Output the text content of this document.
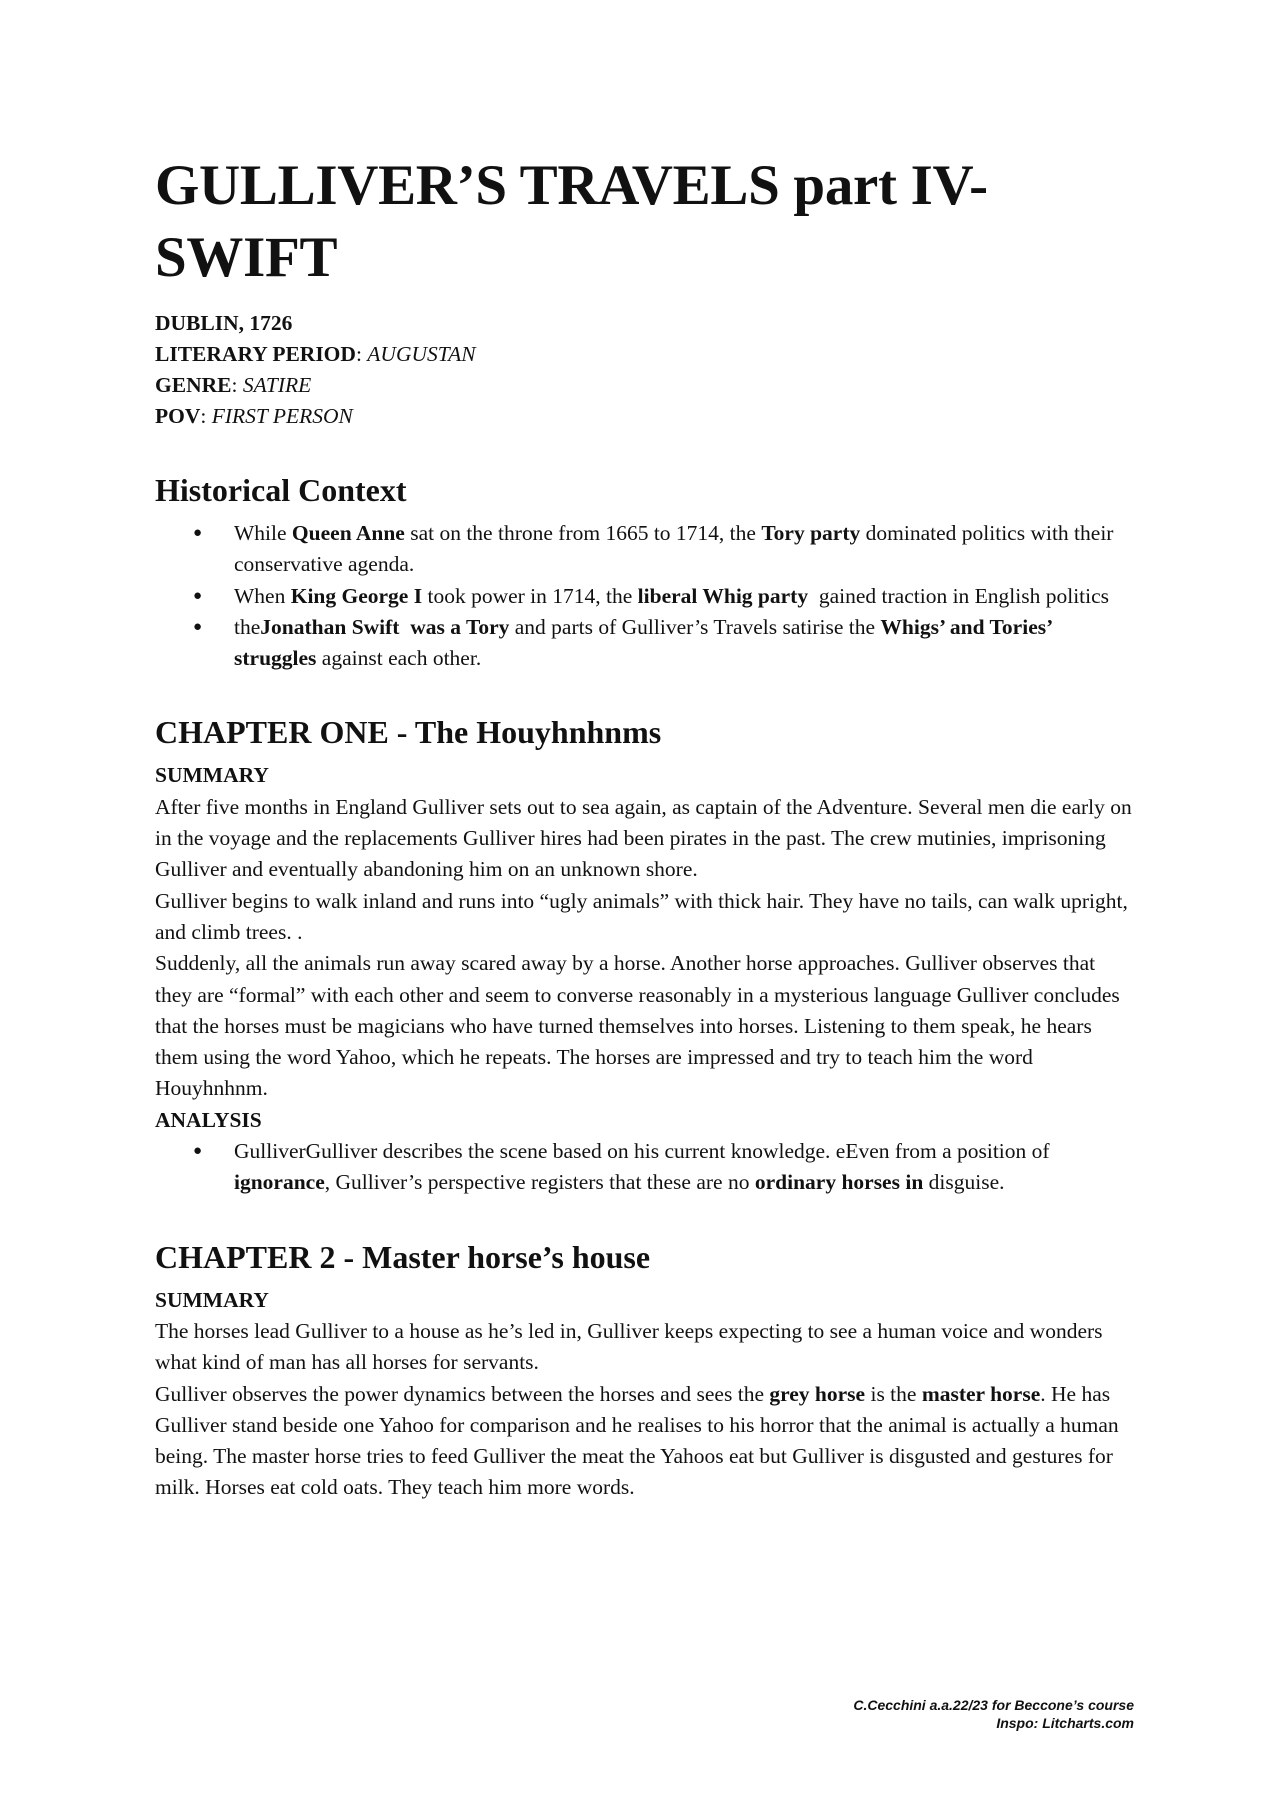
GULLIVER’S TRAVELS part IV- SWIFT
DUBLIN, 1726
LITERARY PERIOD: AUGUSTAN
GENRE: SATIRE
POV: FIRST PERSON
Historical Context
● While Queen Anne sat on the throne from 1665 to 1714, the Tory party dominated politics with their conservative agenda.
● When King George I took power in 1714, the liberal Whig party  gained traction in English politics
● theJonathan Swift  was a Tory and parts of Gulliver’s Travels satirise the Whigs’ and Tories’ struggles against each other.
CHAPTER ONE - The Houyhnhnms
SUMMARY

After five months in England Gulliver sets out to sea again, as captain of the Adventure. Several men die early on in the voyage and the replacements Gulliver hires had been pirates in the past. The crew mutinies, imprisoning Gulliver and eventually abandoning him on an unknown shore.

Gulliver begins to walk inland and runs into “ugly animals” with thick hair. They have no tails, can walk upright, and climb trees. .

Suddenly, all the animals run away scared away by a horse. Another horse approaches. Gulliver observes that they are “formal” with each other and seem to converse reasonably in a mysterious language Gulliver concludes that the horses must be magicians who have turned themselves into horses. Listening to them speak, he hears them using the word Yahoo, which he repeats. The horses are impressed and try to teach him the word Houyhnhnm.

ANALYSIS
● GulliverGulliver describes the scene based on his current knowledge. eEven from a position of ignorance, Gulliver’s perspective registers that these are no ordinary horses in disguise.
CHAPTER 2 - Master horse’s house
SUMMARY

The horses lead Gulliver to a house as he’s led in, Gulliver keeps expecting to see a human voice and wonders what kind of man has all horses for servants.

Gulliver observes the power dynamics between the horses and sees the grey horse is the master horse. He has Gulliver stand beside one Yahoo for comparison and he realises to his horror that the animal is actually a human being. The master horse tries to feed Gulliver the meat the Yahoos eat but Gulliver is disgusted and gestures for milk. Horses eat cold oats. They teach him more words.

C.Cecchini a.a.22/23 for Beccone’s course
Inspo: Litcharts.com
